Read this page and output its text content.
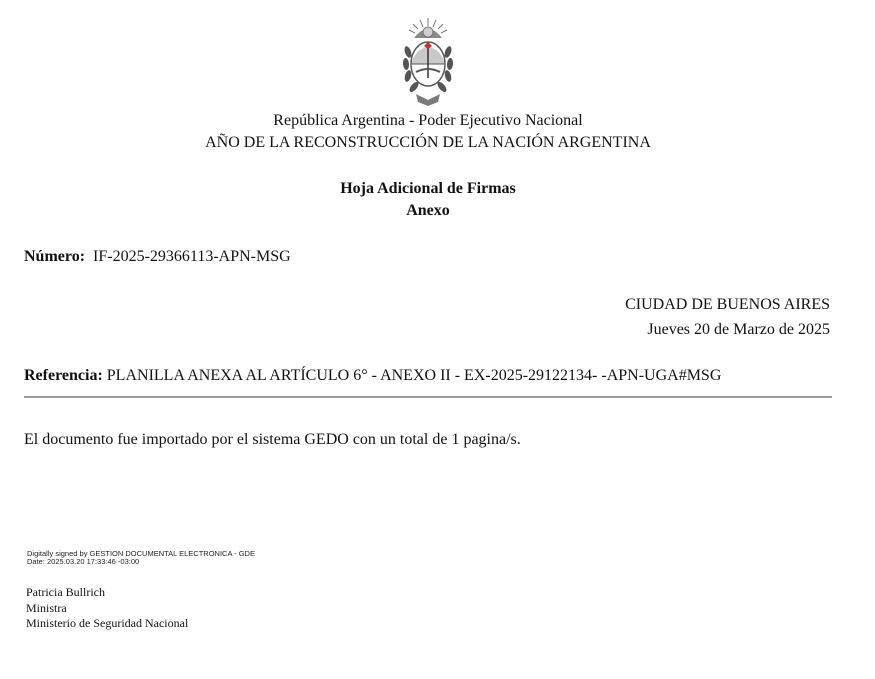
República Argentina - Poder Ejecutivo Nacional
AÑO DE LA RECONSTRUCCIÓN DE LA NACIÓN ARGENTINA
Hoja Adicional de Firmas
Anexo
Número: IF-2025-29366113-APN-MSG
CIUDAD DE BUENOS AIRES
Jueves 20 de Marzo de 2025
Referencia: PLANILLA ANEXA AL ARTÍCULO 6° - ANEXO II - EX-2025-29122134- -APN-UGA#MSG
El documento fue importado por el sistema GEDO con un total de 1 pagina/s.
Digitally signed by GESTION DOCUMENTAL ELECTRONICA - GDE
Date: 2025.03.20 17:33:46 -03:00
Patricia Bullrich
Ministra
Ministerio de Seguridad Nacional
